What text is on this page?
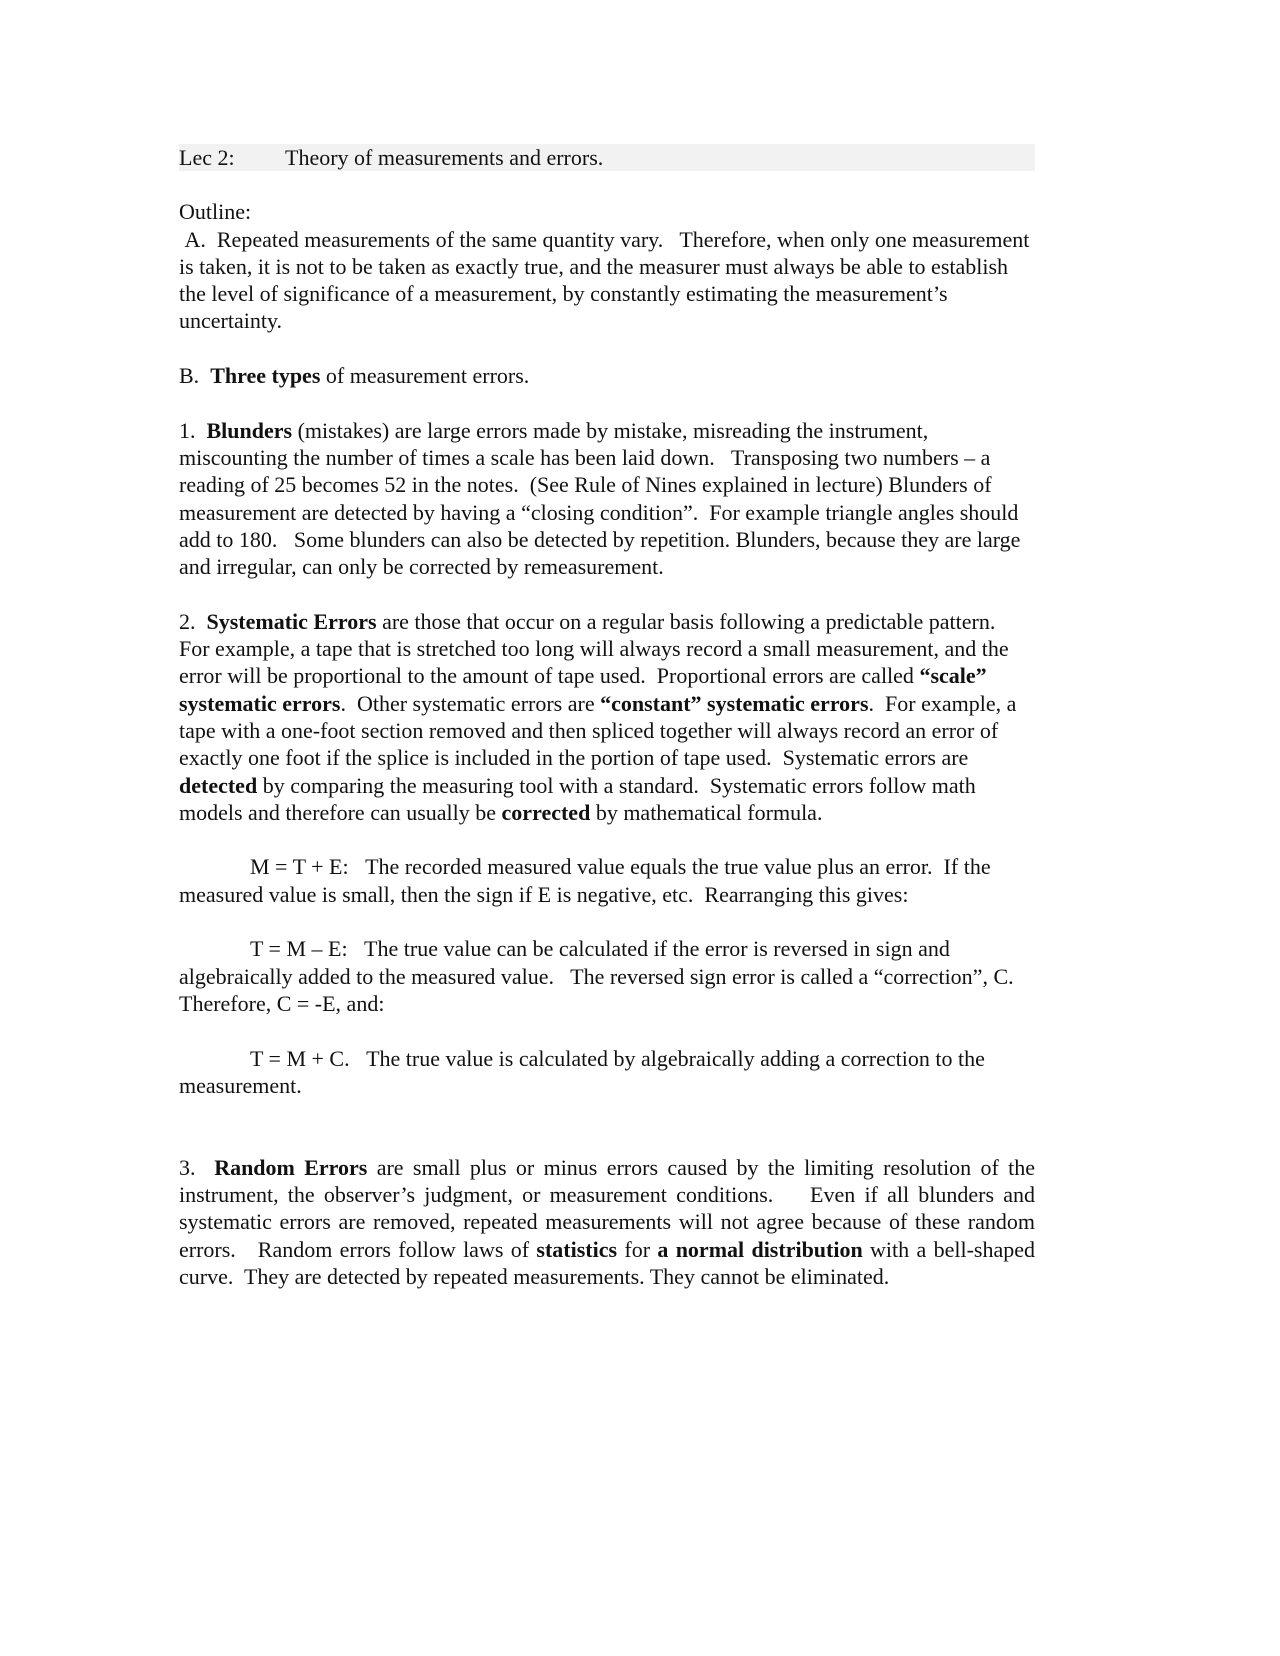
Lec 2: Theory of measurements and errors.

Outline:

A.  Repeated measurements of the same quantity vary.   Therefore, when only one measurement is taken, it is not to be taken as exactly true, and the measurer must always be able to establish the level of significance of a measurement, by constantly estimating the measurement’s uncertainty.

B.  Three types of measurement errors.

1.  Blunders (mistakes) are large errors made by mistake, misreading the instrument, miscounting the number of times a scale has been laid down.   Transposing two numbers – a reading of 25 becomes 52 in the notes.  (See Rule of Nines explained in lecture) Blunders of measurement are detected by having a “closing condition”.  For example triangle angles should add to 180.   Some blunders can also be detected by repetition. Blunders, because they are large and irregular, can only be corrected by remeasurement.

2.  Systematic Errors are those that occur on a regular basis following a predictable pattern.   For example, a tape that is stretched too long will always record a small measurement, and the error will be proportional to the amount of tape used.  Proportional errors are called “scale” systematic errors.  Other systematic errors are “constant” systematic errors.  For example, a tape with a one-foot section removed and then spliced together will always record an error of exactly one foot if the splice is included in the portion of tape used.  Systematic errors are detected by comparing the measuring tool with a standard.  Systematic errors follow math models and therefore can usually be corrected by mathematical formula.

M = T + E:   The recorded measured value equals the true value plus an error.  If the measured value is small, then the sign if E is negative, etc.  Rearranging this gives:

T = M – E:   The true value can be calculated if the error is reversed in sign and algebraically added to the measured value.   The reversed sign error is called a “correction”, C.  Therefore, C = -E, and:

T = M + C.   The true value is calculated by algebraically adding a correction to the measurement.

3.  Random Errors are small plus or minus errors caused by the limiting resolution of the instrument, the observer’s judgment, or measurement conditions.    Even if all blunders and systematic errors are removed, repeated measurements will not agree because of these random errors.   Random errors follow laws of statistics for a normal distribution with a bell-shaped curve.  They are detected by repeated measurements. They cannot be eliminated.
